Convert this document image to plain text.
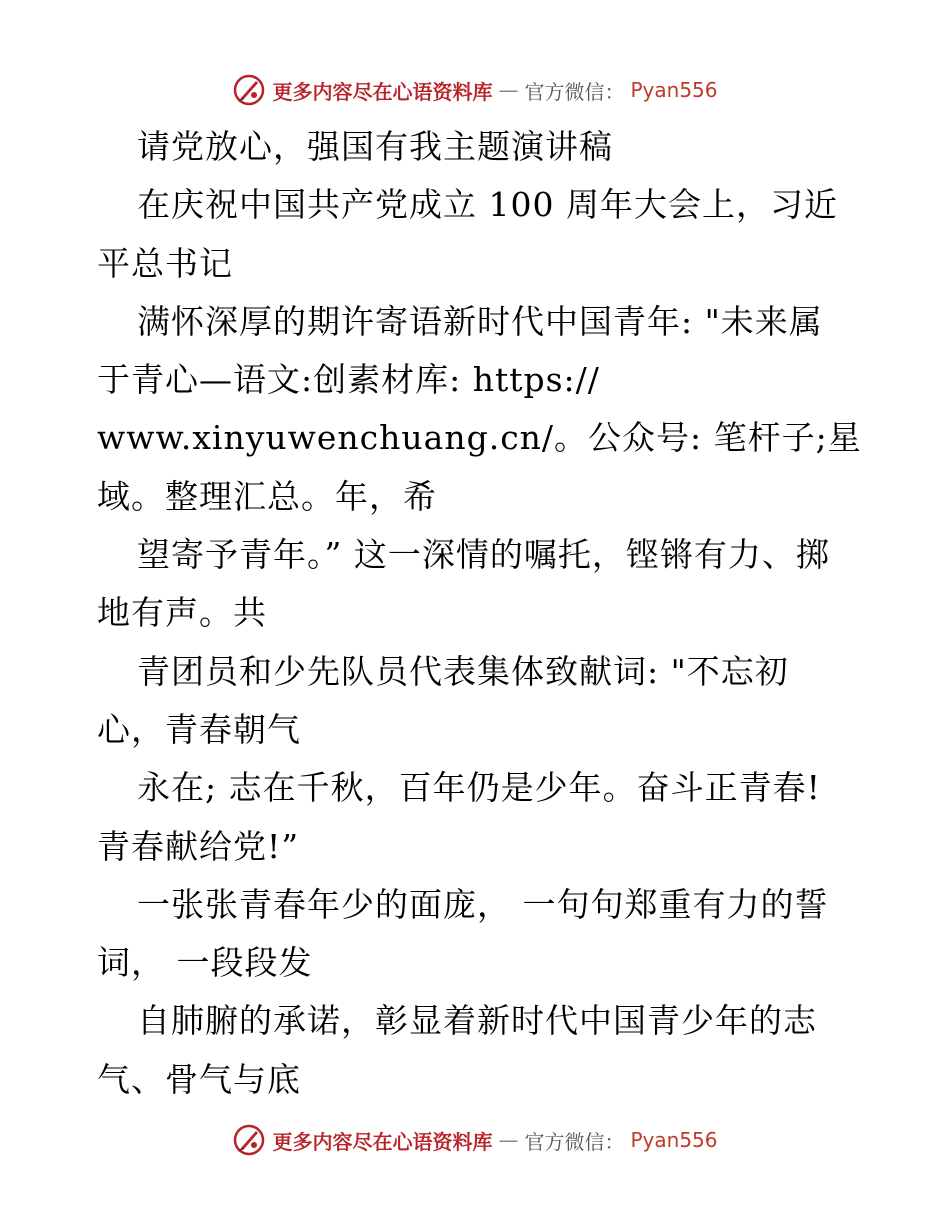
更多内容尽在心语资料库 — 官方微信： Pyan556
请党放心，强国有我主题演讲稿
在庆祝中国共产党成立 100 周年大会上，习近
平总书记
满怀深厚的期许寄语新时代中国青年: "未来属
于青心—语文:创素材库: https://
www.xinyuwenchuang.cn/。公众号: 笔杆子;星
域。整理汇总。年，希
望寄予青年。” 这一深情的嘱托，铿锵有力、掷
地有声。共
青团员和少先队员代表集体致献词: "不忘初
心，青春朝气
永在; 志在千秋，百年仍是少年。奋斗正青春!
青春献给党!”
一张张青春年少的面庞， 一句句郑重有力的誓
词， 一段段发
自肺腑的承诺，彰显着新时代中国青少年的志
气、骨气与底
更多内容尽在心语资料库 — 官方微信： Pyan556
